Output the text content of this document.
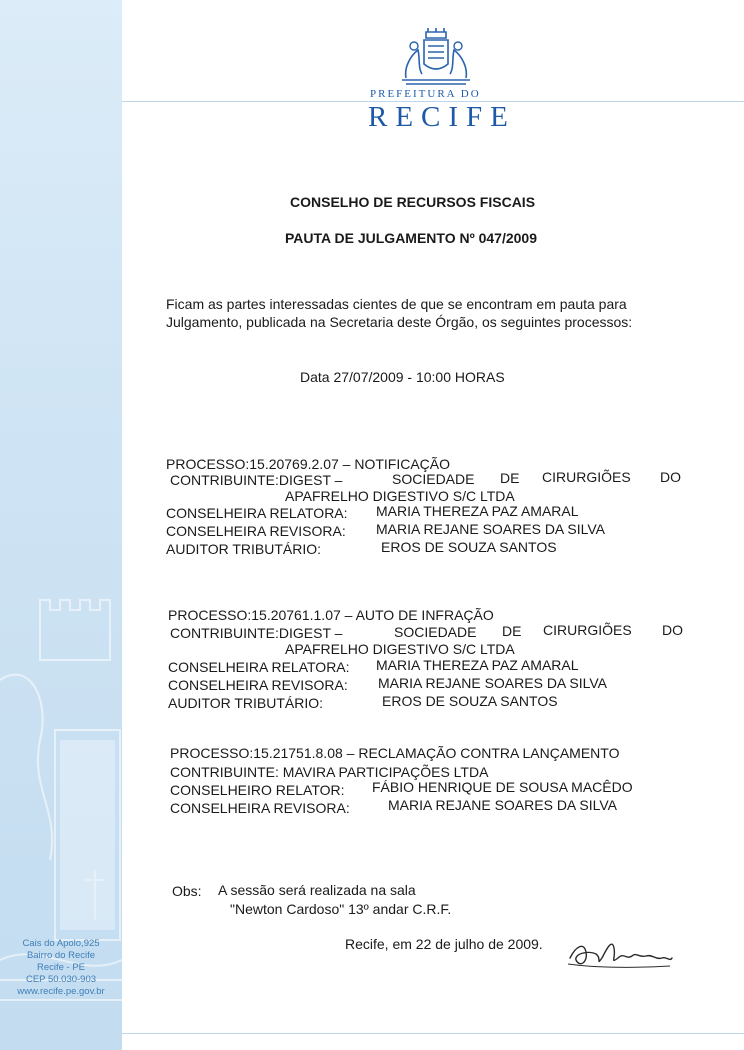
Cais do Apolo,925
Bairro do Recife
Recife - PE
CEP 50.030-903
www.recife.pe.gov.br
PREFEITURA DO
RECIFE
CONSELHO DE RECURSOS FISCAIS
PAUTA DE JULGAMENTO Nº 047/2009
Ficam as partes interessadas cientes de que se encontram em pauta para
Julgamento, publicada na Secretaria deste Órgão, os seguintes processos:
Data 27/07/2009 - 10:00 HORAS
PROCESSO:15.20769.2.07 – NOTIFICAÇÃO
CONTRIBUINTE:DIGEST –	SOCIEDADE DE CIRURGIÕES DO
APAFRELHO DIGESTIVO S/C LTDA
CONSELHEIRA RELATORA: MARIA THEREZA PAZ AMARAL
CONSELHEIRA REVISORA: MARIA REJANE SOARES DA SILVA
AUDITOR TRIBUTÁRIO:	EROS DE SOUZA SANTOS
PROCESSO:15.20761.1.07 – AUTO DE INFRAÇÃO
CONTRIBUINTE:DIGEST –	SOCIEDADE DE CIRURGIÕES DO
APAFRELHO DIGESTIVO S/C LTDA
CONSELHEIRA RELATORA: MARIA THEREZA PAZ AMARAL
CONSELHEIRA REVISORA: MARIA REJANE SOARES DA SILVA
AUDITOR TRIBUTÁRIO:	EROS DE SOUZA SANTOS
PROCESSO:15.21751.8.08 – RECLAMAÇÃO CONTRA LANÇAMENTO
CONTRIBUINTE: MAVIRA PARTICIPAÇÕES LTDA
CONSELHEIRO RELATOR: FÁBIO HENRIQUE DE SOUSA MACÊDO
CONSELHEIRA REVISORA:	MARIA REJANE SOARES DA SILVA
Obs: A sessão será realizada na sala
"Newton Cardoso" 13º andar C.R.F.
Recife, em 22 de julho de 2009.
